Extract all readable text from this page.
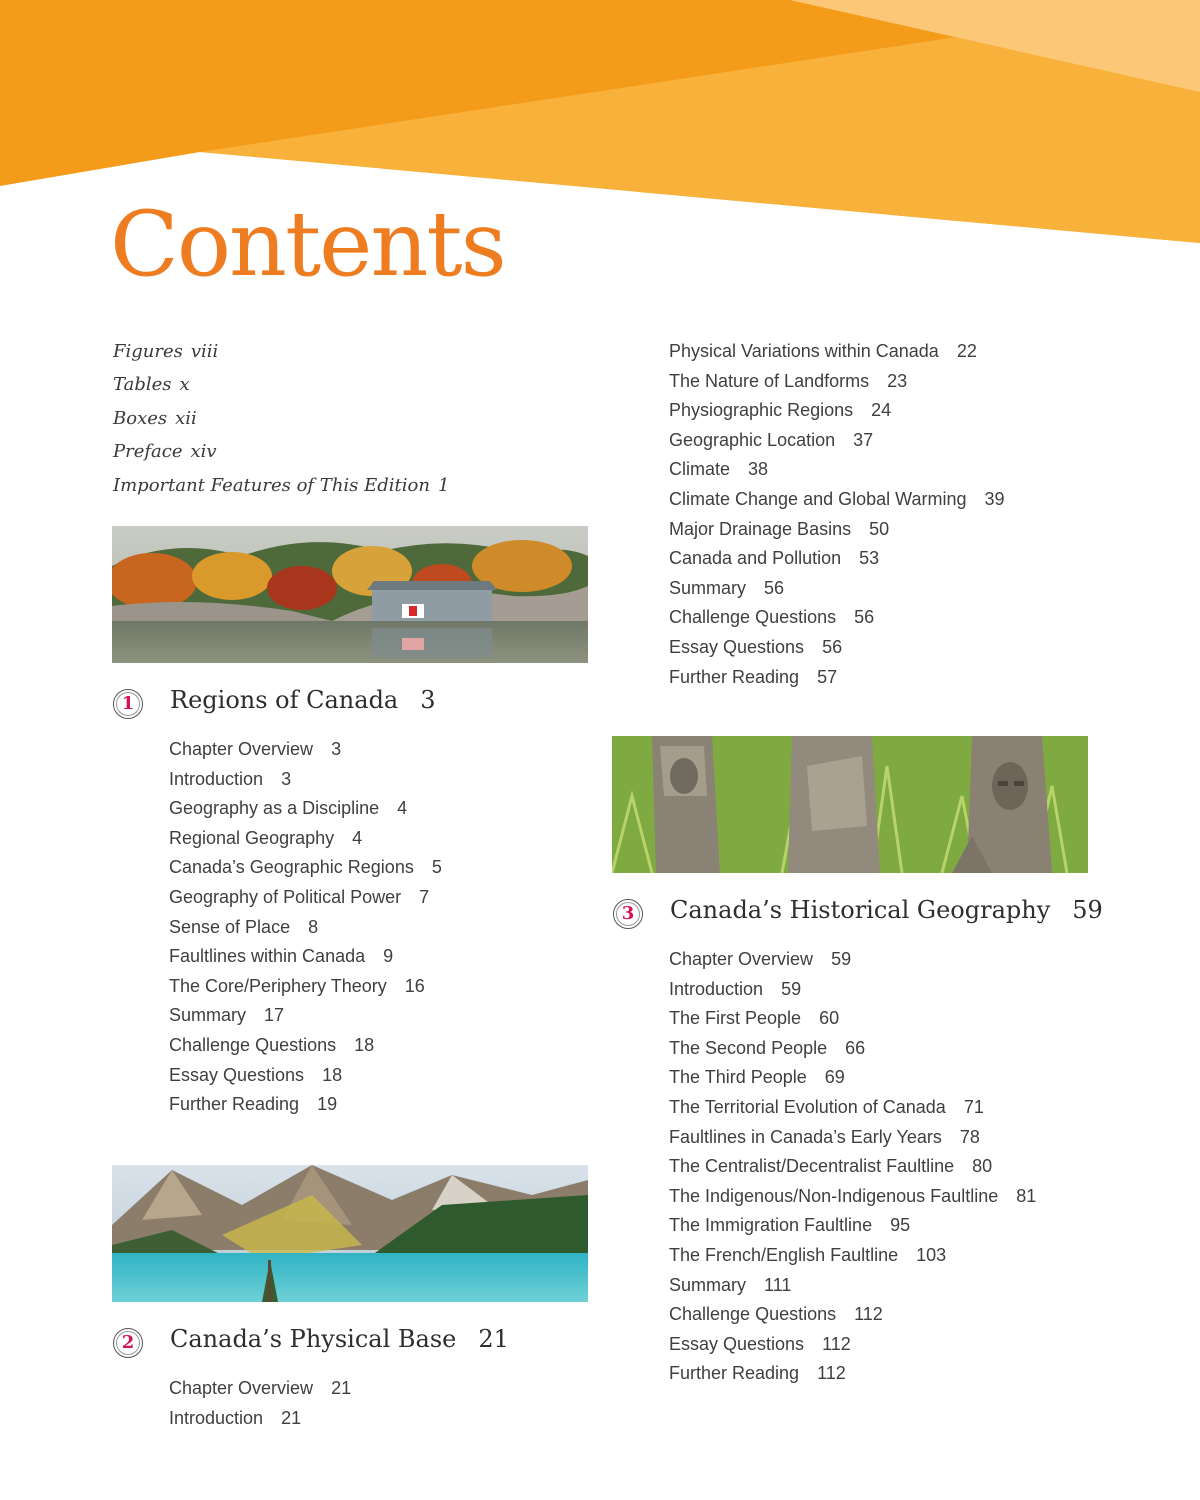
Contents
Figures viii
Tables x
Boxes xii
Preface xiv
Important Features of This Edition 1
1 Regions of Canada 3
Chapter Overview 3
Introduction 3
Geography as a Discipline 4
Regional Geography 4
Canada’s Geographic Regions 5
Geography of Political Power 7
Sense of Place 8
Faultlines within Canada 9
The Core/Periphery Theory 16
Summary 17
Challenge Questions 18
Essay Questions 18
Further Reading 19
2 Canada’s Physical Base 21
Chapter Overview 21
Introduction 21
Physical Variations within Canada 22
The Nature of Landforms 23
Physiographic Regions 24
Geographic Location 37
Climate 38
Climate Change and Global Warming 39
Major Drainage Basins 50
Canada and Pollution 53
Summary 56
Challenge Questions 56
Essay Questions 56
Further Reading 57
3 Canada’s Historical Geography 59
Chapter Overview 59
Introduction 59
The First People 60
The Second People 66
The Third People 69
The Territorial Evolution of Canada 71
Faultlines in Canada’s Early Years 78
The Centralist/Decentralist Faultline 80
The Indigenous/Non-Indigenous Faultline 81
The Immigration Faultline 95
The French/English Faultline 103
Summary 111
Challenge Questions 112
Essay Questions 112
Further Reading 112
